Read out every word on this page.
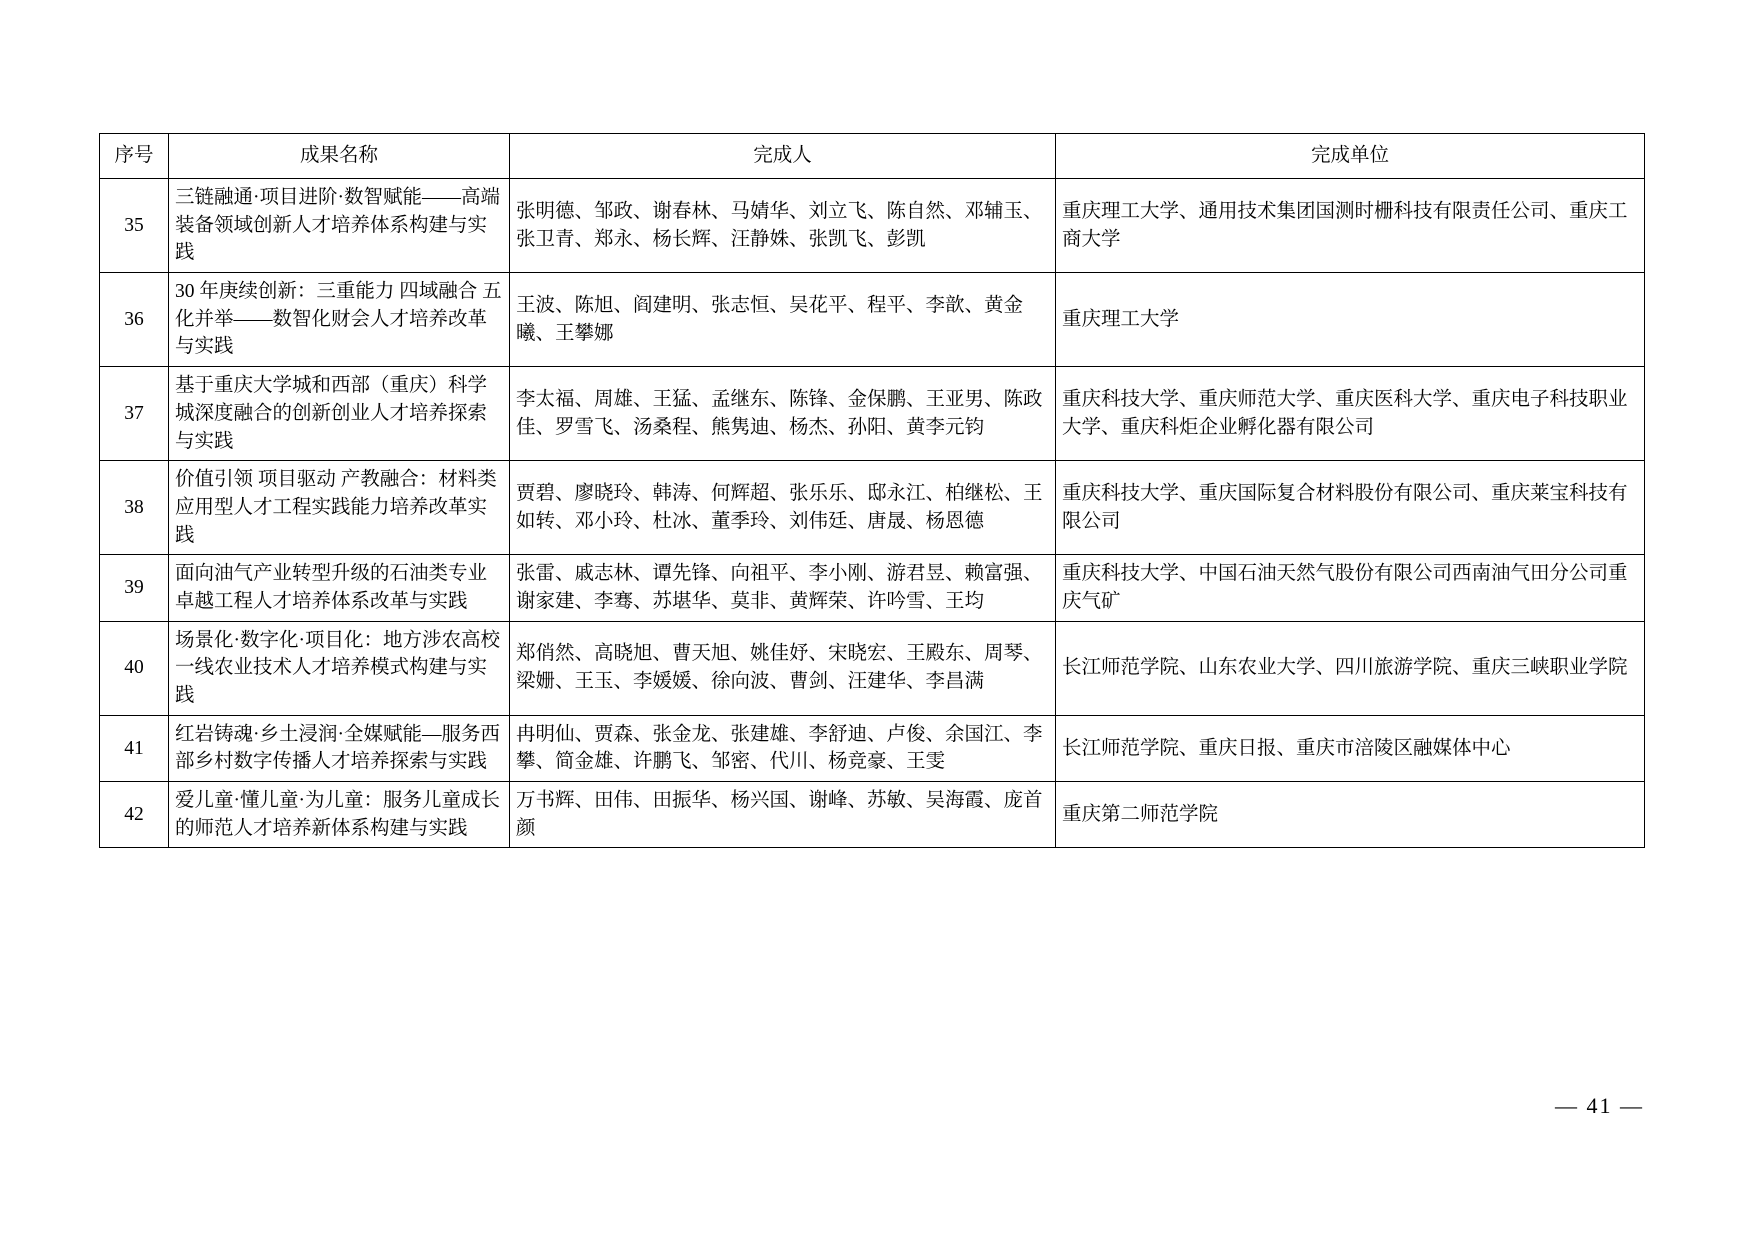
序号	成果名称	完成人	完成单位
35	三链融通·项目进阶·数智赋能——高端装备领域创新人才培养体系构建与实践	张明德、邹政、谢春林、马婧华、刘立飞、陈自然、邓辅玉、张卫青、郑永、杨长辉、汪静姝、张凯飞、彭凯	重庆理工大学、通用技术集团国测时栅科技有限责任公司、重庆工商大学
36	30 年庚续创新：三重能力 四域融合 五化并举——数智化财会人才培养改革与实践	王波、陈旭、阎建明、张志恒、吴花平、程平、李歆、黄金曦、王攀娜	重庆理工大学
37	基于重庆大学城和西部（重庆）科学城深度融合的创新创业人才培养探索与实践	李太福、周雄、王猛、孟继东、陈锋、金保鹏、王亚男、陈政佳、罗雪飞、汤桑程、熊隽迪、杨杰、孙阳、黄李元钧	重庆科技大学、重庆师范大学、重庆医科大学、重庆电子科技职业大学、重庆科炬企业孵化器有限公司
38	价值引领 项目驱动 产教融合：材料类应用型人才工程实践能力培养改革实践	贾碧、廖晓玲、韩涛、何辉超、张乐乐、邸永江、柏继松、王如转、邓小玲、杜冰、董季玲、刘伟廷、唐晟、杨恩德	重庆科技大学、重庆国际复合材料股份有限公司、重庆莱宝科技有限公司
39	面向油气产业转型升级的石油类专业卓越工程人才培养体系改革与实践	张雷、戚志林、谭先锋、向祖平、李小刚、游君昱、赖富强、谢家建、李骞、苏堪华、莫非、黄辉荣、许吟雪、王均	重庆科技大学、中国石油天然气股份有限公司西南油气田分公司重庆气矿
40	场景化·数字化·项目化：地方涉农高校一线农业技术人才培养模式构建与实践	郑俏然、高晓旭、曹天旭、姚佳妤、宋晓宏、王殿东、周琴、梁姗、王玉、李媛媛、徐向波、曹剑、汪建华、李昌满	长江师范学院、山东农业大学、四川旅游学院、重庆三峡职业学院
41	红岩铸魂·乡土浸润·全媒赋能—服务西部乡村数字传播人才培养探索与实践	冉明仙、贾森、张金龙、张建雄、李舒迪、卢俊、余国江、李攀、简金雄、许鹏飞、邹密、代川、杨竞豪、王雯	长江师范学院、重庆日报、重庆市涪陵区融媒体中心
42	爱儿童·懂儿童·为儿童：服务儿童成长的师范人才培养新体系构建与实践	万书辉、田伟、田振华、杨兴国、谢峰、苏敏、吴海霞、庞首颜	重庆第二师范学院
— 41 —
